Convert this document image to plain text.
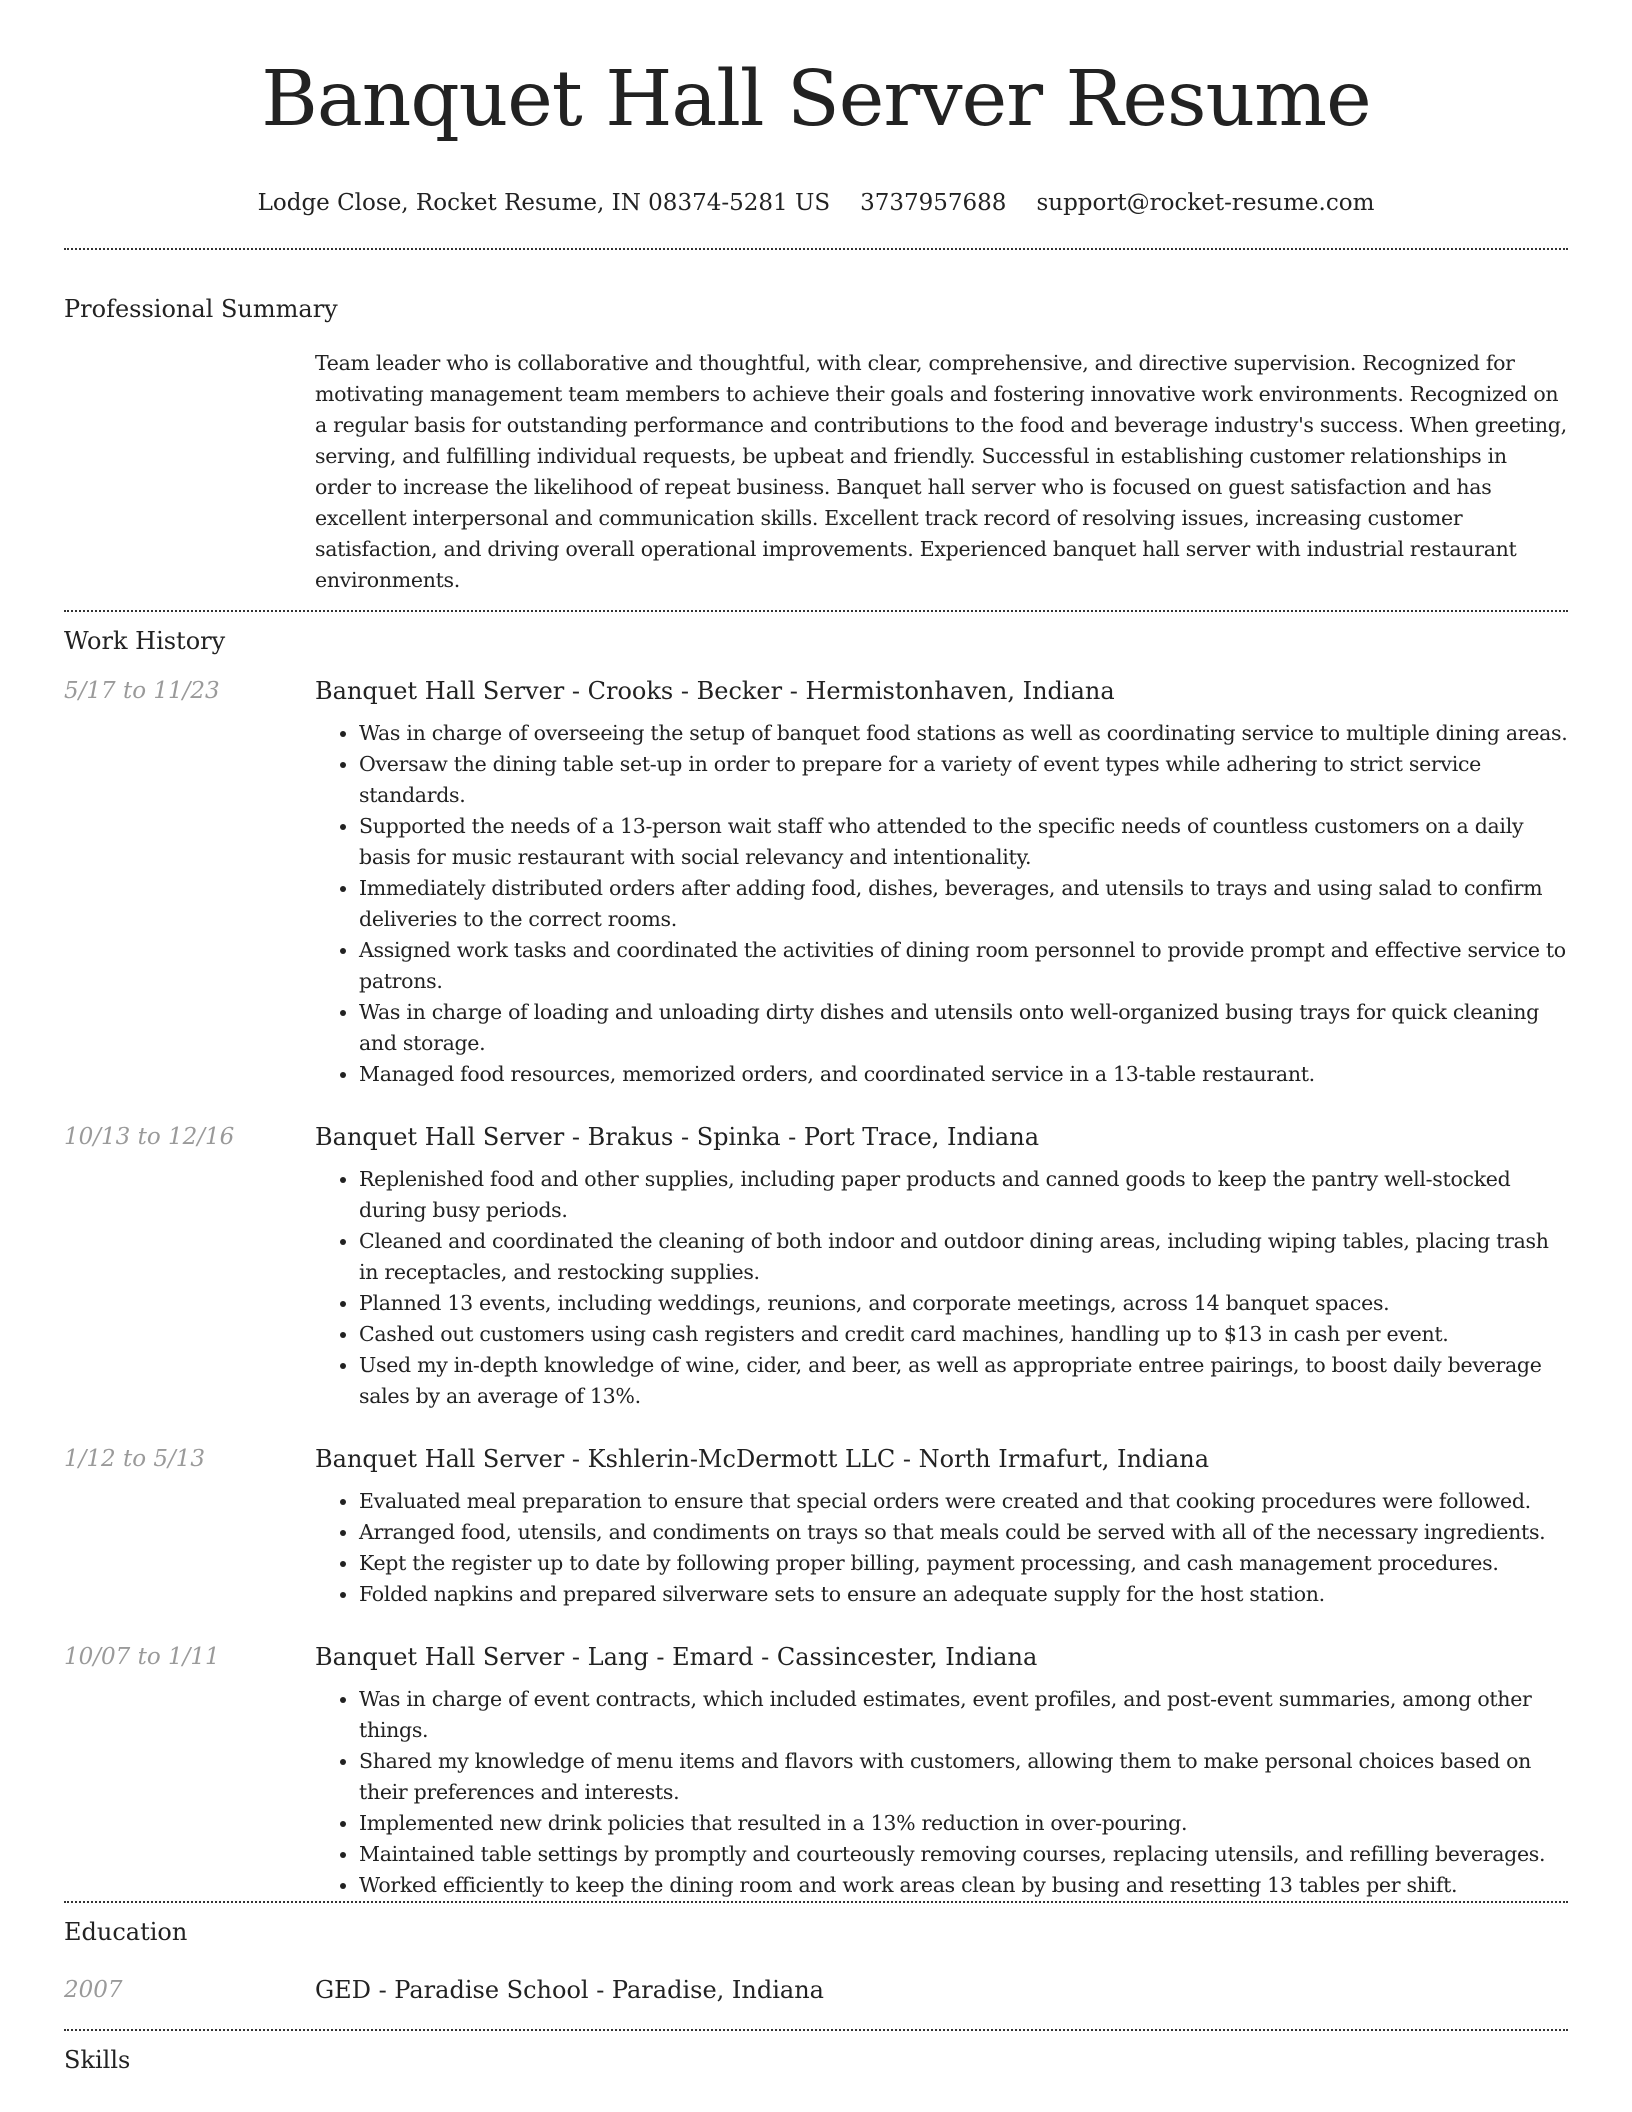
Banquet Hall Server Resume
Lodge Close, Rocket Resume, IN 08374-5281 US 3737957688 support@rocket-resume.com
Professional Summary
Team leader who is collaborative and thoughtful, with clear, comprehensive, and directive supervision. Recognized for motivating management team members to achieve their goals and fostering innovative work environments. Recognized on a regular basis for outstanding performance and contributions to the food and beverage industry's success. When greeting, serving, and fulfilling individual requests, be upbeat and friendly. Successful in establishing customer relationships in order to increase the likelihood of repeat business. Banquet hall server who is focused on guest satisfaction and has excellent interpersonal and communication skills. Excellent track record of resolving issues, increasing customer satisfaction, and driving overall operational improvements. Experienced banquet hall server with industrial restaurant environments.
Work History
5/17 to 11/23	Banquet Hall Server - Crooks - Becker - Hermistonhaven, Indiana
• Was in charge of overseeing the setup of banquet food stations as well as coordinating service to multiple dining areas.
• Oversaw the dining table set-up in order to prepare for a variety of event types while adhering to strict service standards.
• Supported the needs of a 13-person wait staff who attended to the specific needs of countless customers on a daily basis for music restaurant with social relevancy and intentionality.
• Immediately distributed orders after adding food, dishes, beverages, and utensils to trays and using salad to confirm deliveries to the correct rooms.
• Assigned work tasks and coordinated the activities of dining room personnel to provide prompt and effective service to patrons.
• Was in charge of loading and unloading dirty dishes and utensils onto well-organized busing trays for quick cleaning and storage.
• Managed food resources, memorized orders, and coordinated service in a 13-table restaurant.
10/13 to 12/16	Banquet Hall Server - Brakus - Spinka - Port Trace, Indiana
• Replenished food and other supplies, including paper products and canned goods to keep the pantry well-stocked during busy periods.
• Cleaned and coordinated the cleaning of both indoor and outdoor dining areas, including wiping tables, placing trash in receptacles, and restocking supplies.
• Planned 13 events, including weddings, reunions, and corporate meetings, across 14 banquet spaces.
• Cashed out customers using cash registers and credit card machines, handling up to $13 in cash per event.
• Used my in-depth knowledge of wine, cider, and beer, as well as appropriate entree pairings, to boost daily beverage sales by an average of 13%.
1/12 to 5/13	Banquet Hall Server - Kshlerin-McDermott LLC - North Irmafurt, Indiana
• Evaluated meal preparation to ensure that special orders were created and that cooking procedures were followed.
• Arranged food, utensils, and condiments on trays so that meals could be served with all of the necessary ingredients.
• Kept the register up to date by following proper billing, payment processing, and cash management procedures.
• Folded napkins and prepared silverware sets to ensure an adequate supply for the host station.
10/07 to 1/11	Banquet Hall Server - Lang - Emard - Cassincester, Indiana
• Was in charge of event contracts, which included estimates, event profiles, and post-event summaries, among other things.
• Shared my knowledge of menu items and flavors with customers, allowing them to make personal choices based on their preferences and interests.
• Implemented new drink policies that resulted in a 13% reduction in over-pouring.
• Maintained table settings by promptly and courteously removing courses, replacing utensils, and refilling beverages.
• Worked efficiently to keep the dining room and work areas clean by busing and resetting 13 tables per shift.
Education
2007	GED - Paradise School - Paradise, Indiana
Skills
